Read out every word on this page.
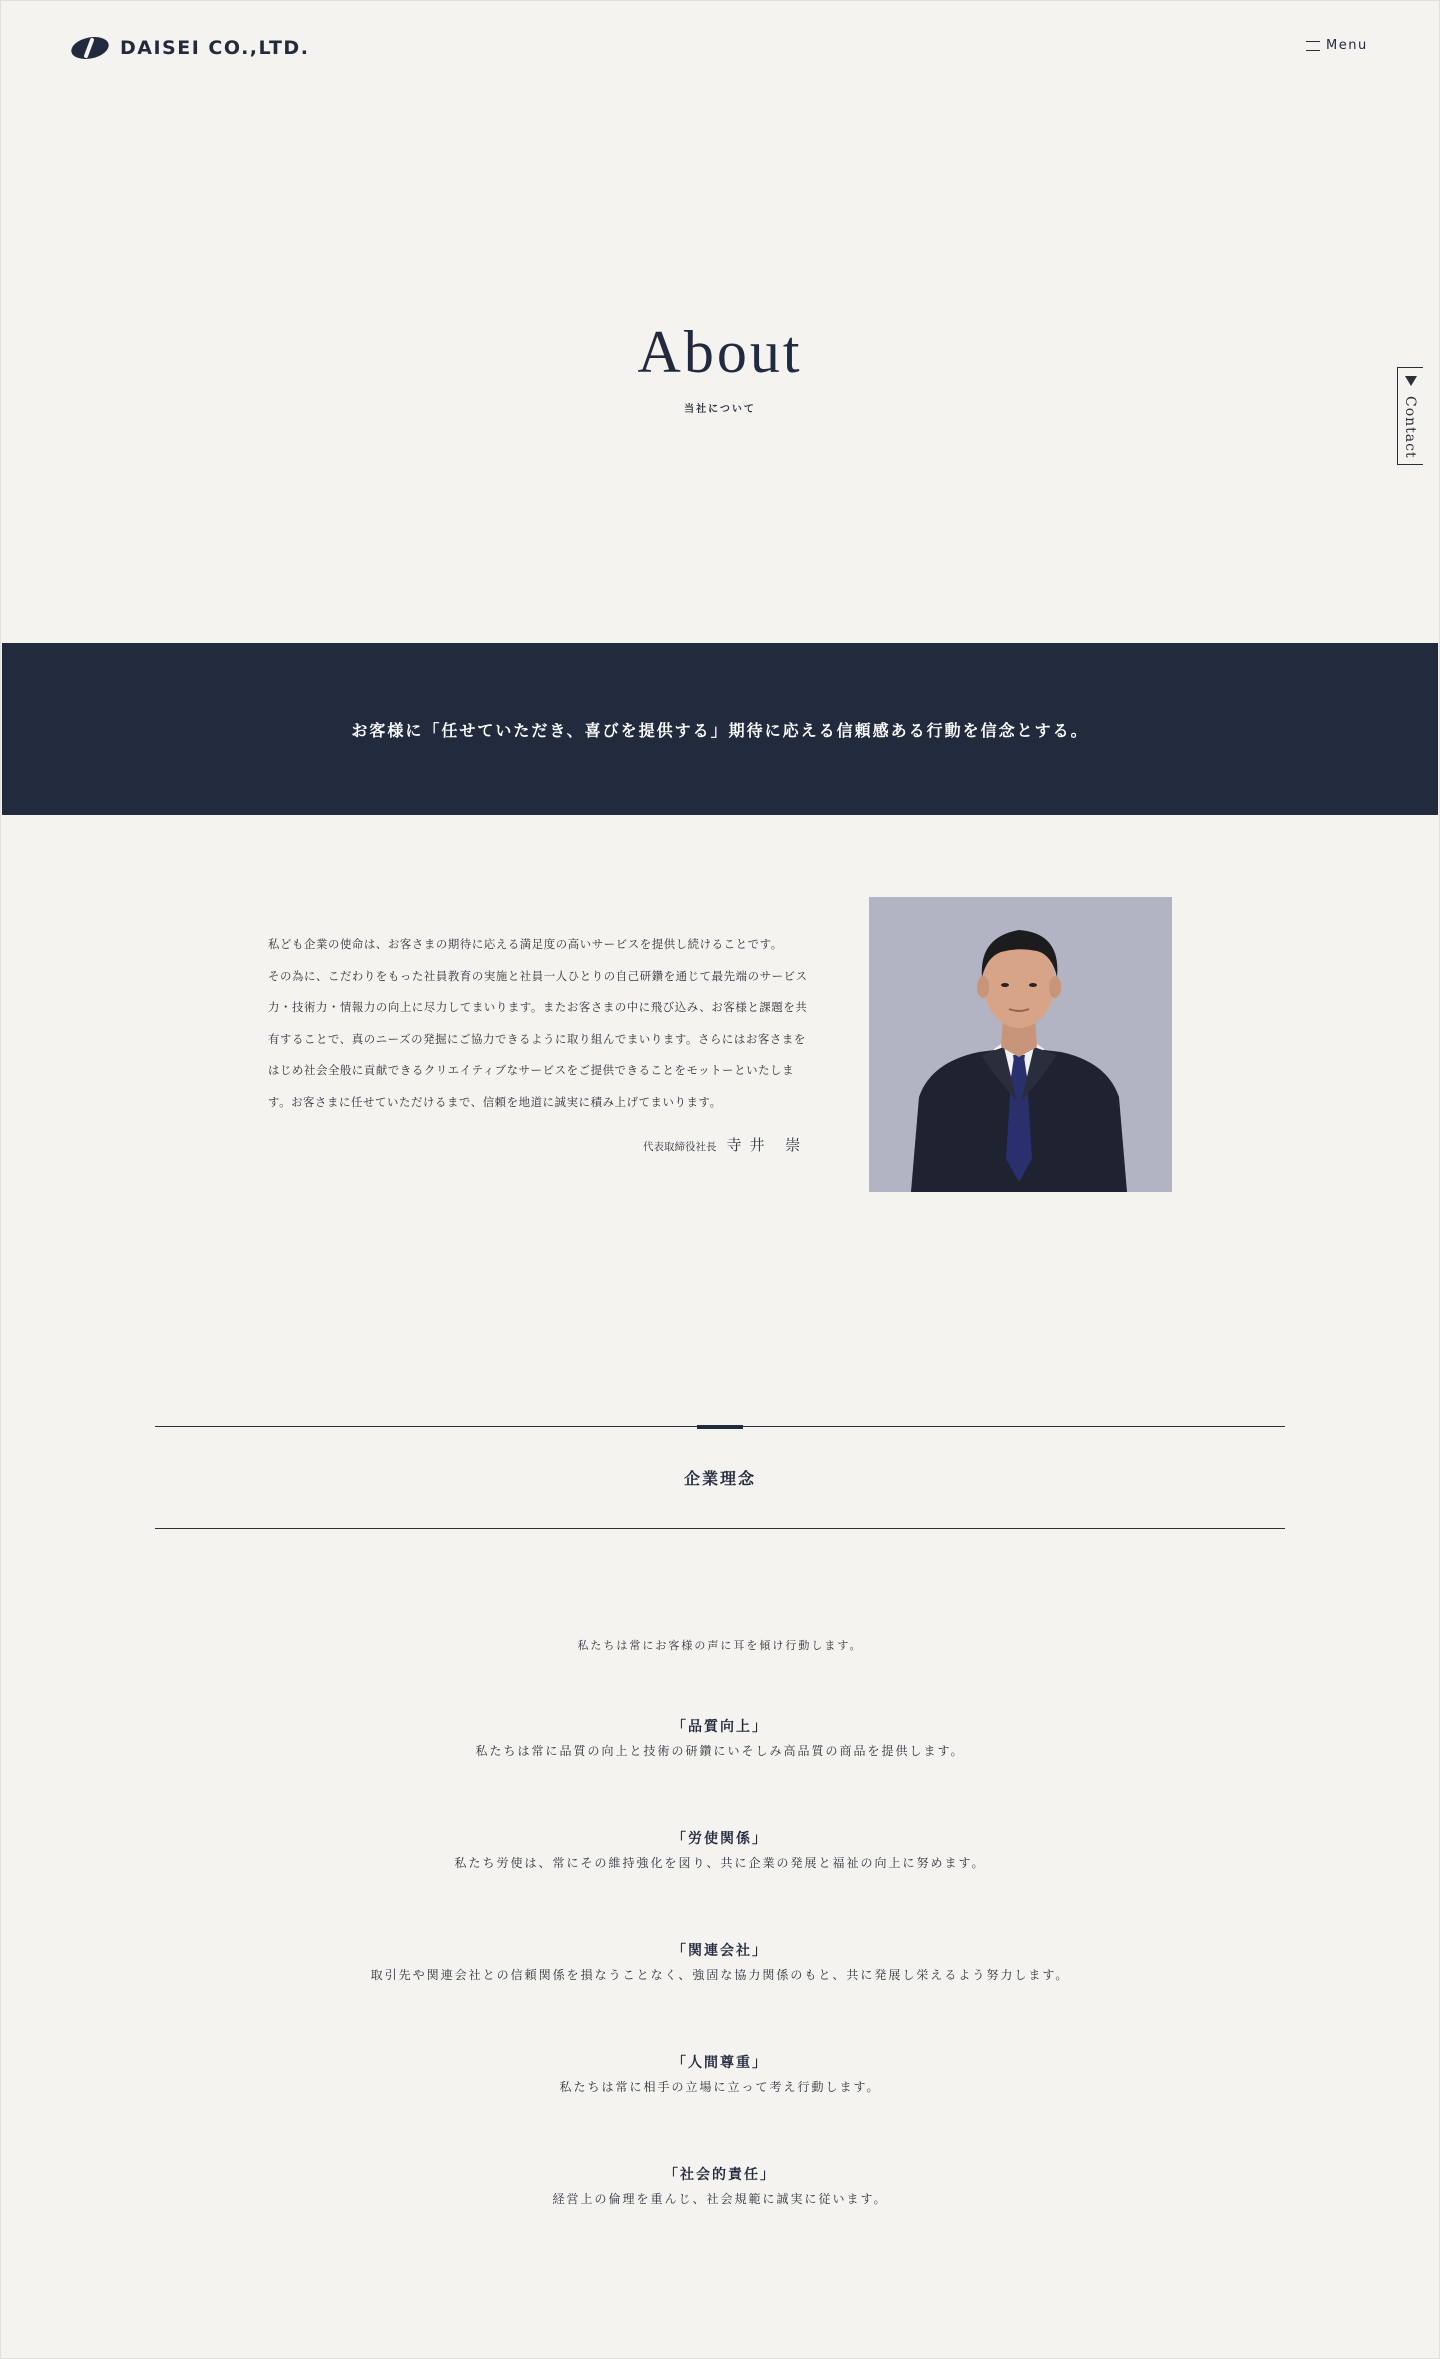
DAISEI CO.,LTD.	Menu
Contact
About
当社について
お客様に「任せていただき、喜びを提供する」期待に応える信頼感ある行動を信念とする。

私ども企業の使命は、お客さまの期待に応える満足度の高いサービスを提供し続けることです。

その為に、こだわりをもった社員教育の実施と社員一人ひとりの自己研鑽を通じて最先端のサービス

力・技術力・情報力の向上に尽力してまいります。またお客さまの中に飛び込み、お客様と課題を共

有することで、真のニーズの発掘にご協力できるように取り組んでまいります。さらにはお客さまを

はじめ社会全般に貢献できるクリエイティブなサービスをご提供できることをモットーといたしま

す。お客さまに任せていただけるまで、信頼を地道に誠実に積み上げてまいります。

代表取締役社長 寺井 崇
企業理念
私たちは常にお客様の声に耳を傾け行動します。
「品質向上」
私たちは常に品質の向上と技術の研鑽にいそしみ高品質の商品を提供します。
「労使関係」
私たち労使は、常にその維持強化を図り、共に企業の発展と福祉の向上に努めます。
「関連会社」
取引先や関連会社との信頼関係を損なうことなく、強固な協力関係のもと、共に発展し栄えるよう努力します。
「人間尊重」
私たちは常に相手の立場に立って考え行動します。
「社会的責任」
経営上の倫理を重んじ、社会規範に誠実に従います。
